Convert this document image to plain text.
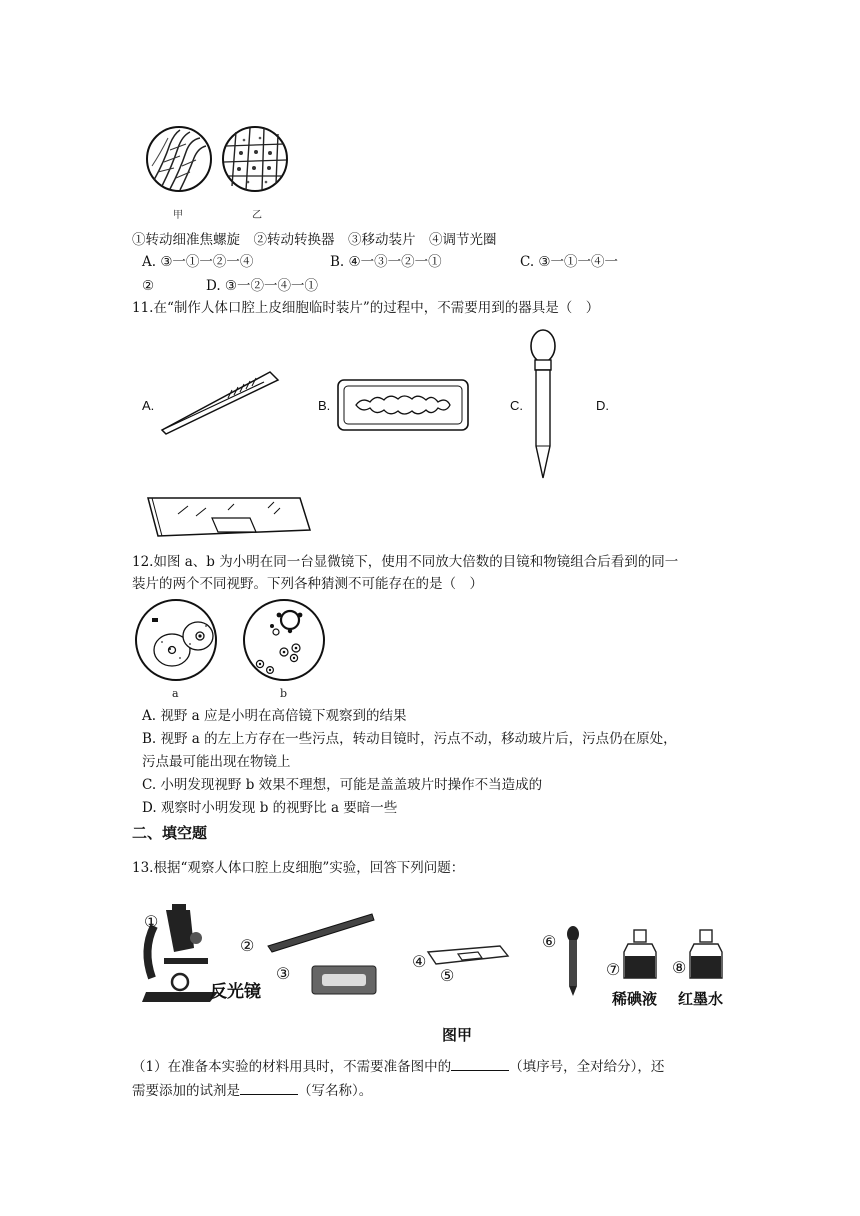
甲	乙
①转动细准焦螺旋　②转动转换器　③移动装片　④调节光圈
A. ③一①一②一④	B. ④一③一②一①	C. ③一①一④一
②	D. ③一②一④一①
11.在“制作人体口腔上皮细胞临时装片”的过程中，不需要用到的器具是（　）
A.	B.	C.	D.
12.如图 a、b 为小明在同一台显微镜下，使用不同放大倍数的目镜和物镜组合后看到的同一
装片的两个不同视野。下列各种猜测不可能存在的是（　）
a	b
A. 视野 a 应是小明在高倍镜下观察到的结果
B. 视野 a 的左上方存在一些污点，转动目镜时，污点不动，移动玻片后，污点仍在原处，
污点最可能出现在物镜上
C. 小明发现视野 b 效果不理想，可能是盖盖玻片时操作不当造成的
D. 观察时小明发现 b 的视野比 a 要暗一些
二、填空题
13.根据“观察人体口腔上皮细胞”实验，回答下列问题：
①
②
③
④
⑤
⑥
⑦	⑧
反光镜	稀碘液 红墨水
图甲
（1）在准备本实验的材料用具时，不需要准备图中的	（填序号，全对给分），还
需要添加的试剂是	（写名称）。
